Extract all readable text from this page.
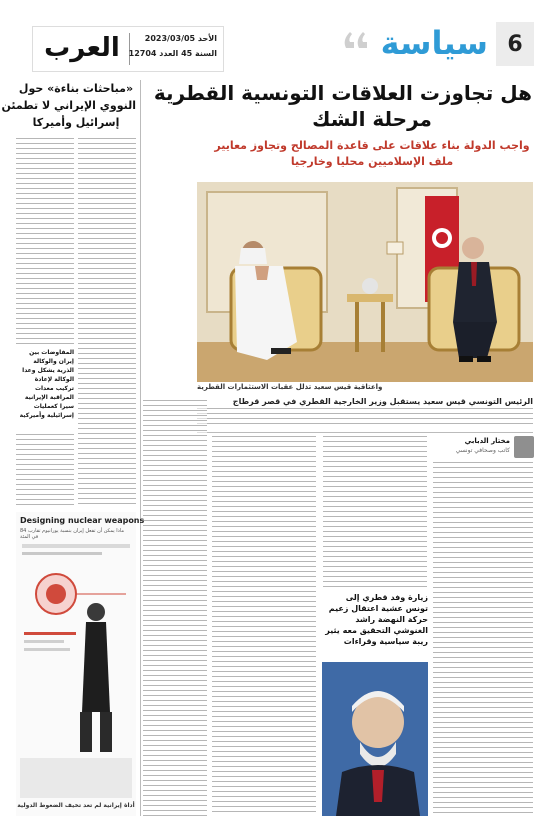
6
سياسة
العرب	الأحد 2023/03/05
السنة 45 العدد 12704
هل تجاوزت العلاقات التونسية القطرية
مرحلة الشك
واجب الدولة بناء علاقات على قاعدة المصالح وتجاوز معايير
ملف الإسلاميين محليا وخارجيا
واعتاقية قيس سعيد تذلل عقبات الاستثمارات القطرية
الرئيس التونسي قيس سعيد يستقبل وزير الخارجية القطري في قصر قرطاج
مختار الدبابي
كاتب وصحافي تونسي
زيارة وفد قطري إلى تونس عشية اعتقال زعيم حركة النهضة راشد الغنوشي التحقيق معه يثير ريبة سياسية وقراءات
«مباحثات بناءة» حول
النووي الإيراني لا تطمئن
إسرائيل وأميركا
المفاوضات بين إيران والوكالة الذرية يشكل وعدا الوكالة لإعادة تركيب معدات المراقبة الإيرانية سيرا كعمليات إسرائيلية وأميركية
Designing nuclear weapons
ماذا يمكن أن تفعل إيران بنسبة يورانيوم تقارب 84 في المئة
أداة إيرانية لم تعد تخيف الضغوط الدولية
